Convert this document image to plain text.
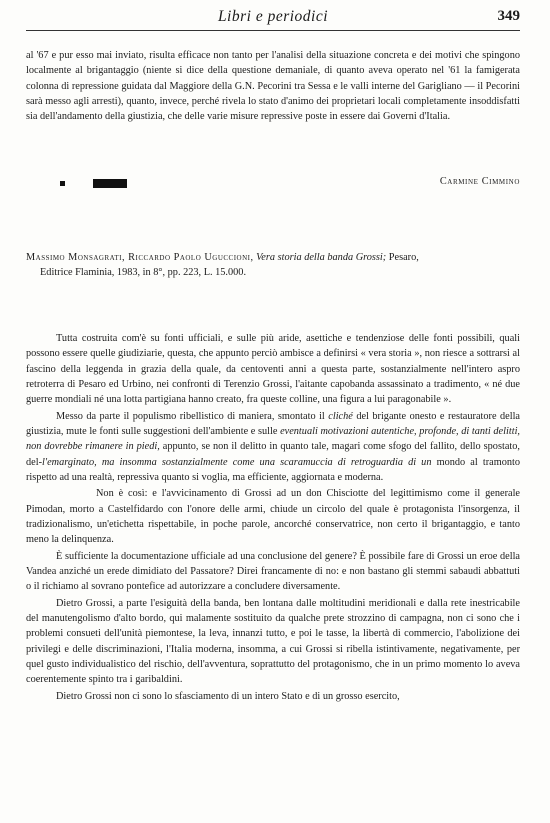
Libri e periodici	349

al '67 e pur esso mai inviato, risulta efficace non tanto per l'analisi della situazione concreta e dei motivi che spingono localmente al brigantaggio (niente si dice della questione demaniale, di quanto aveva operato nel '61 la famigerata colonna di repressione guidata dal Maggiore della G.N. Pecorini tra Sessa e le valli interne del Garigliano — il Pecorini sarà messo agli arresti), quanto, invece, perché rivela lo stato d'animo dei proprietari locali completamente insoddisfatti sia dell'andamento della giustizia, che delle varie misure repressive poste in essere dai Governi d'Italia.

Carmine Cimmino
Massimo Monsagrati, Riccardo Paolo Uguccioni, Vera storia della banda Grossi; Pesaro,
Editrice Flaminia, 1983, in 8°, pp. 223, L. 15.000.

Tutta costruita com'è su fonti ufficiali, e sulle più aride, asettiche e tendenziose delle fonti possibili, quali possono essere quelle giudiziarie, questa, che appunto perciò ambisce a definirsi « vera storia », non riesce a sottrarsi al fascino della leggenda in grazia della quale, da centoventi anni a questa parte, sostanzialmente nell'intero aspro retroterra di Pesaro ed Urbino, nei confronti di Terenzio Grossi, l'aitante capobanda assassinato a tradimento, « né due guerre mondiali né una lotta partigiana hanno creato, fra queste colline, una figura a lui paragonabile ».

Messo da parte il populismo ribellistico di maniera, smontato il cliché del brigante onesto e restauratore della giustizia, mute le fonti sulle suggestioni dell'ambiente e sulle eventuali motivazioni autentiche, profonde, di tanti delitti, non dovrebbe rimanere in piedi, appunto, se non il delitto in quanto tale, magari come sfogo del fallito, dello spostato, del-l'emarginato, ma insomma sostanzialmente come una scaramuccia di retroguardia di un mondo al tramonto rispetto ad una realtà, repressiva quanto si voglia, ma efficiente, aggiornata e moderna.

Non è così: e l'avvicinamento di Grossi ad un don Chisciotte del legittimismo come il generale Pimodan, morto a Castelfidardo con l'onore delle armi, chiude un circolo del quale è protagonista l'insorgenza, il tradizionalismo, un'etichetta rispettabile, in poche parole, ancorché conservatrice, non certo il brigantaggio, e tanto meno la delinquenza.

È sufficiente la documentazione ufficiale ad una conclusione del genere? È possibile fare di Grossi un eroe della Vandea anziché un erede dimidiato del Passatore? Direi francamente di no: e non bastano gli stemmi sabaudi abbattuti o il richiamo al sovrano pontefice ad autorizzare a concludere diversamente.

Dietro Grossi, a parte l'esiguità della banda, ben lontana dalle moltitudini meridionali e dalla rete inestricabile del manutengolismo d'alto bordo, qui malamente sostituito da qualche prete strozzino di campagna, non ci sono che i problemi consueti dell'unità piemontese, la leva, innanzi tutto, e poi le tasse, la libertà di commercio, l'abolizione dei privilegi e delle discriminazioni, l'Italia moderna, insomma, a cui Grossi si ribella istintivamente, negativamente, per quel gusto individualistico del rischio, dell'avventura, soprattutto del protagonismo, che in un primo momento lo aveva coerentemente spinto tra i garibaldini.

Dietro Grossi non ci sono lo sfasciamento di un intero Stato e di un grosso esercito,
